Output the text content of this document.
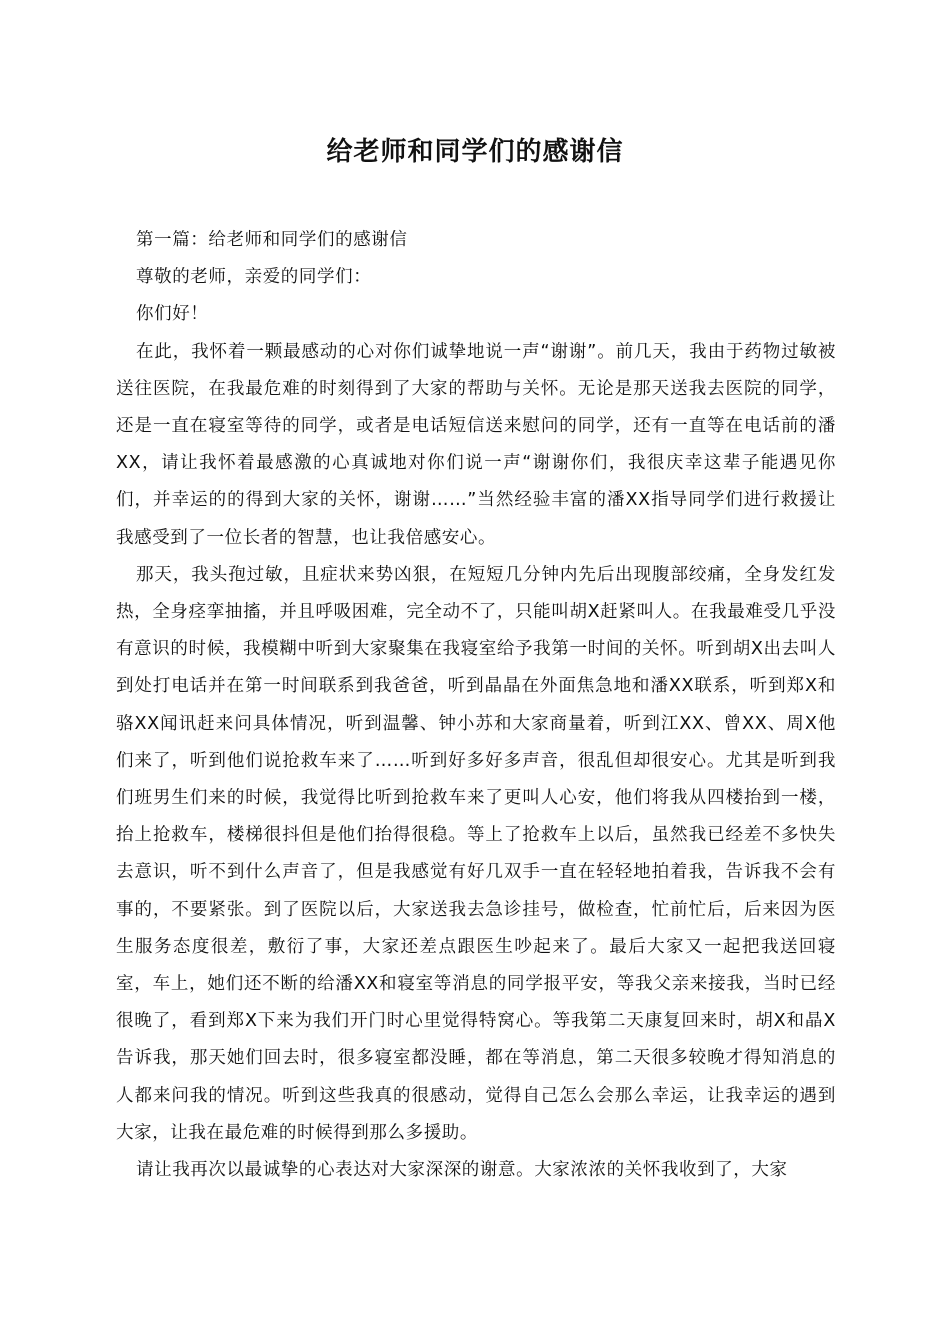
给老师和同学们的感谢信

第一篇：给老师和同学们的感谢信

尊敬的老师，亲爱的同学们：

你们好！

在此，我怀着一颗最感动的心对你们诚挚地说一声“谢谢”。前几天，我由于药物过敏被送往医院，在我最危难的时刻得到了大家的帮助与关怀。无论是那天送我去医院的同学，还是一直在寝室等待的同学，或者是电话短信送来慰问的同学，还有一直等在电话前的潘XX，请让我怀着最感激的心真诚地对你们说一声“谢谢你们，我很庆幸这辈子能遇见你们，并幸运的的得到大家的关怀，谢谢……”当然经验丰富的潘XX指导同学们进行救援让我感受到了一位长者的智慧，也让我倍感安心。

那天，我头孢过敏，且症状来势凶狠，在短短几分钟内先后出现腹部绞痛，全身发红发热，全身痉挛抽搐，并且呼吸困难，完全动不了，只能叫胡X赶紧叫人。在我最难受几乎没有意识的时候，我模糊中听到大家聚集在我寝室给予我第一时间的关怀。听到胡X出去叫人到处打电话并在第一时间联系到我爸爸，听到晶晶在外面焦急地和潘XX联系，听到郑X和骆XX闻讯赶来问具体情况，听到温馨、钟小苏和大家商量着，听到江XX、曾XX、周X他们来了，听到他们说抢救车来了……听到好多好多声音，很乱但却很安心。尤其是听到我们班男生们来的时候，我觉得比听到抢救车来了更叫人心安，他们将我从四楼抬到一楼，抬上抢救车，楼梯很抖但是他们抬得很稳。等上了抢救车上以后，虽然我已经差不多快失去意识，听不到什么声音了，但是我感觉有好几双手一直在轻轻地拍着我，告诉我不会有事的，不要紧张。到了医院以后，大家送我去急诊挂号，做检查，忙前忙后，后来因为医生服务态度很差，敷衍了事，大家还差点跟医生吵起来了。最后大家又一起把我送回寝室，车上，她们还不断的给潘XX和寝室等消息的同学报平安，等我父亲来接我，当时已经很晚了，看到郑X下来为我们开门时心里觉得特窝心。等我第二天康复回来时，胡X和晶X告诉我，那天她们回去时，很多寝室都没睡，都在等消息，第二天很多较晚才得知消息的人都来问我的情况。听到这些我真的很感动，觉得自己怎么会那么幸运，让我幸运的遇到大家，让我在最危难的时候得到那么多援助。

请让我再次以最诚挚的心表达对大家深深的谢意。大家浓浓的关怀我收到了，大家
